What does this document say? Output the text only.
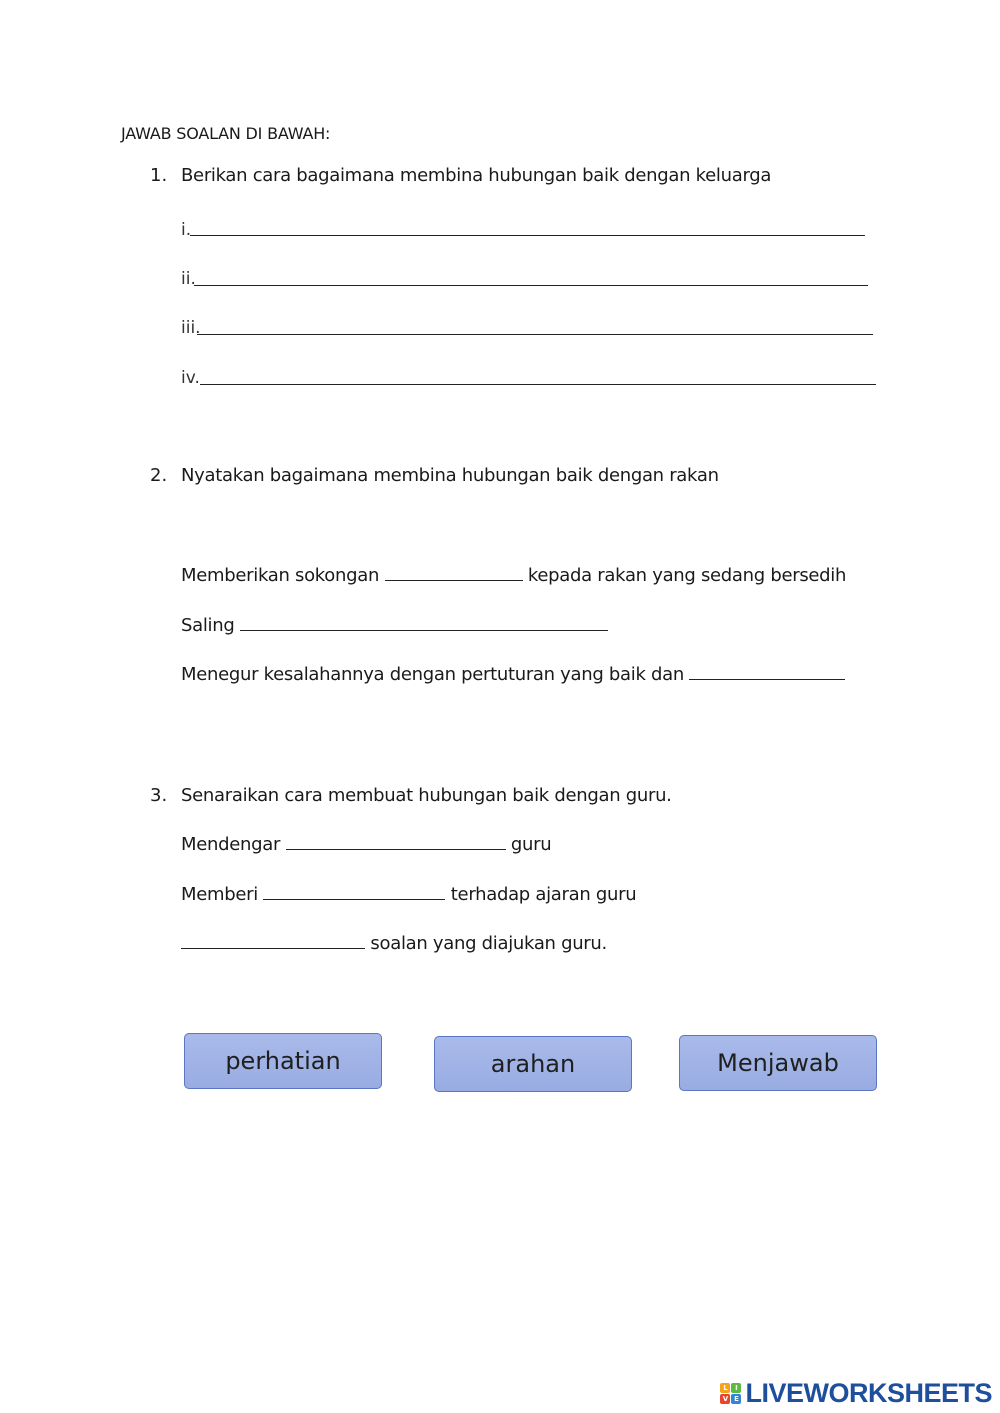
JAWAB SOALAN DI BAWAH:
1. Berikan cara bagaimana membina hubungan baik dengan keluarga
i.
ii.
iii.
iv.
2. Nyatakan bagaimana membina hubungan baik dengan rakan
Memberikan sokongan	kepada rakan yang sedang bersedih
Saling
Menegur kesalahannya dengan pertuturan yang baik dan
3. Senaraikan cara membuat hubungan baik dengan guru.
Mendengar	guru
Memberi	terhadap ajaran guru
soalan yang diajukan guru.
perhatian	arahan	Menjawab
L	I
V E LIVEWORKSHEETS
